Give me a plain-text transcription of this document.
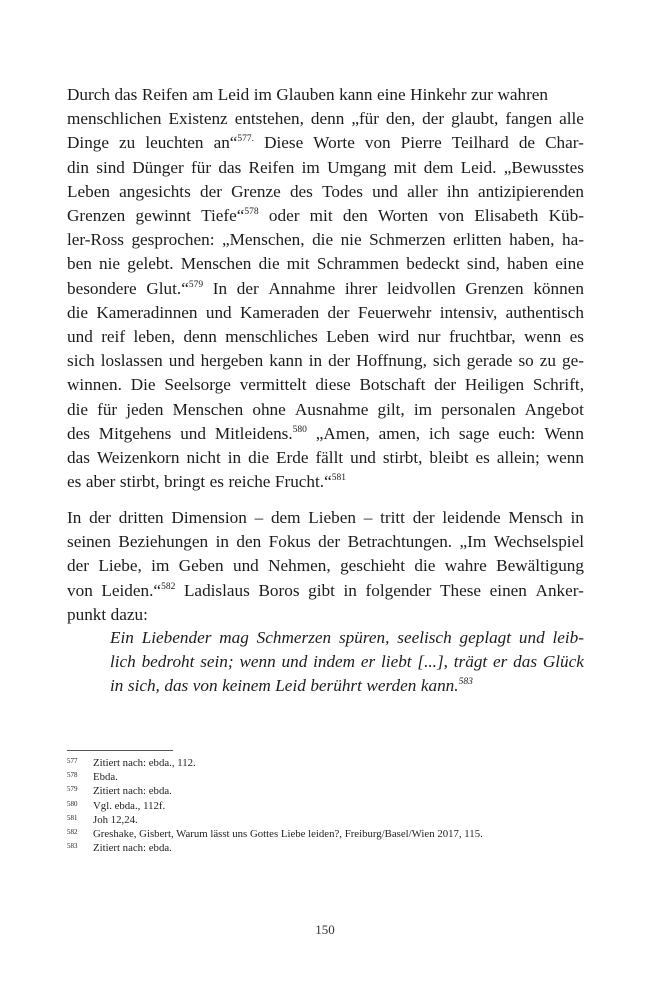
Durch das Reifen am Leid im Glauben kann eine Hinkehr zur wahren
menschlichen Existenz entstehen, denn „für den, der glaubt, fangen alle
Dinge zu leuchten an“$^{577.}$ Diese Worte von Pierre Teilhard de Char-
din sind Dünger für das Reifen im Umgang mit dem Leid. „Bewusstes
Leben angesichts der Grenze des Todes und aller ihn antizipierenden
Grenzen gewinnt Tiefe“$^{578}$ oder mit den Worten von Elisabeth Küb-
ler-Ross gesprochen: „Menschen, die nie Schmerzen erlitten haben, ha-
ben nie gelebt. Menschen die mit Schrammen bedeckt sind, haben eine
besondere Glut.“$^{579}$ In der Annahme ihrer leidvollen Grenzen können
die Kameradinnen und Kameraden der Feuerwehr intensiv, authentisch
und reif leben, denn menschliches Leben wird nur fruchtbar, wenn es
sich loslassen und hergeben kann in der Hoffnung, sich gerade so zu ge-
winnen. Die Seelsorge vermittelt diese Botschaft der Heiligen Schrift,
die für jeden Menschen ohne Ausnahme gilt, im personalen Angebot
des Mitgehens und Mitleidens.$^{580}$ „Amen, amen, ich sage euch: Wenn
das Weizenkorn nicht in die Erde fällt und stirbt, bleibt es allein; wenn
es aber stirbt, bringt es reiche Frucht.“$^{581}$
In der dritten Dimension – dem Lieben – tritt der leidende Mensch in
seinen Beziehungen in den Fokus der Betrachtungen. „Im Wechselspiel
der Liebe, im Geben und Nehmen, geschieht die wahre Bewältigung
von Leiden.“$^{582}$ Ladislaus Boros gibt in folgender These einen Anker-
punkt dazu:
Ein Liebender mag Schmerzen spüren, seelisch geplagt und leib-
lich bedroht sein; wenn und indem er liebt [...], trägt er das Glück
in sich, das von keinem Leid berührt werden kann.$^{583}$
577 Zitiert nach: ebda., 112.
578 Ebda.
579 Zitiert nach: ebda.
580 Vgl. ebda., 112f.
581 Joh 12,24.
582 Greshake, Gisbert, Warum lässt uns Gottes Liebe leiden?, Freiburg/Basel/Wien 2017, 115.
583 Zitiert nach: ebda.
150
